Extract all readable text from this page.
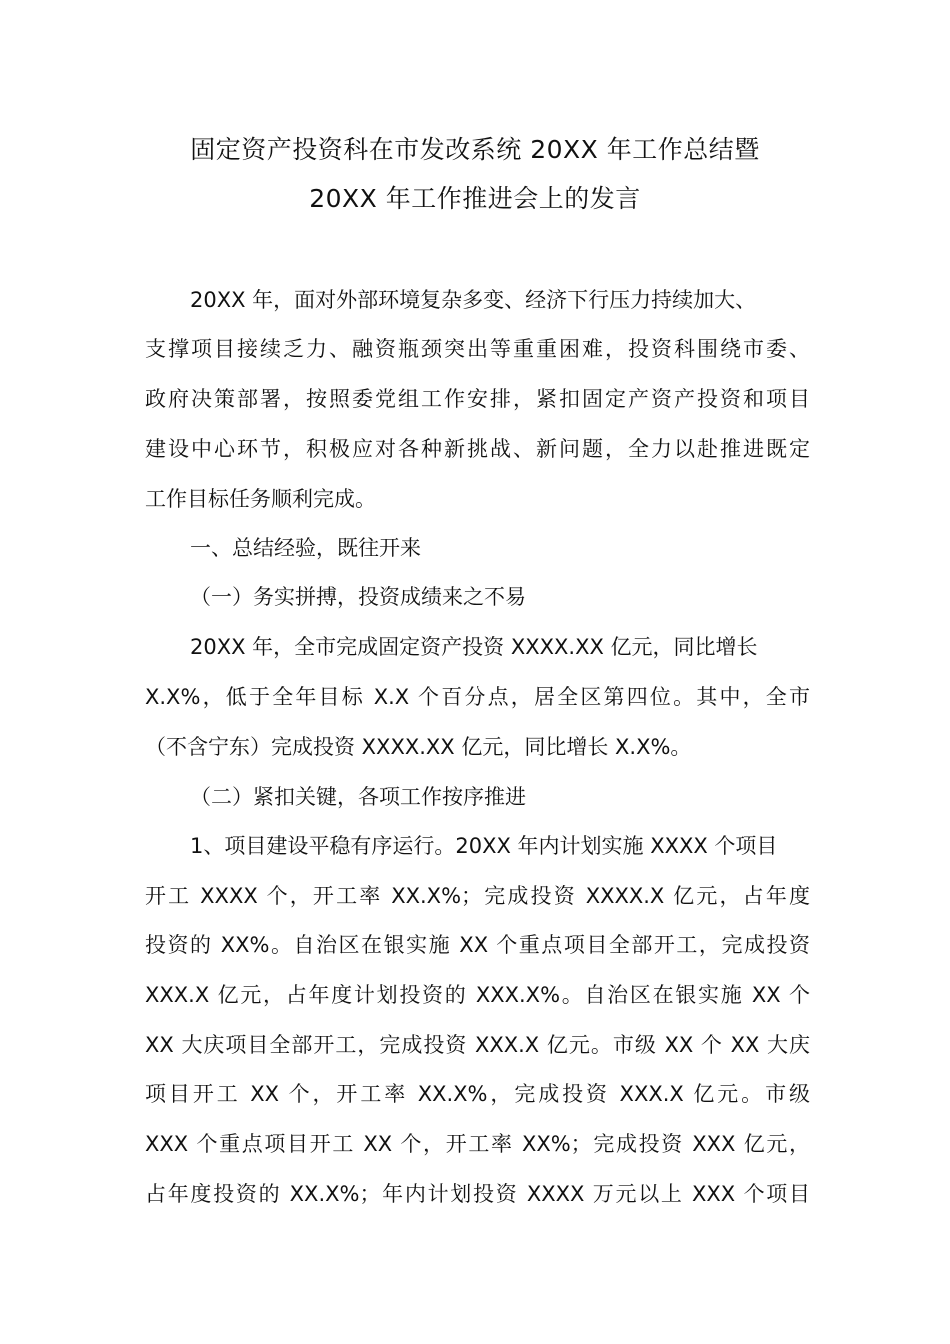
固定资产投资科在市发改系统 20XX 年工作总结暨
20XX 年工作推进会上的发言
20XX 年，面对外部环境复杂多变、经济下行压力持续加大、
支撑项目接续乏力、融资瓶颈突出等重重困难，投资科围绕市委、
政府决策部署，按照委党组工作安排，紧扣固定产资产投资和项目
建设中心环节，积极应对各种新挑战、新问题，全力以赴推进既定
工作目标任务顺利完成。
一、总结经验，既往开来
（一）务实拼搏，投资成绩来之不易
20XX 年，全市完成固定资产投资 XXXX.XX 亿元，同比增长
X.X%，低于全年目标 X.X 个百分点，居全区第四位。其中，全市
（不含宁东）完成投资 XXXX.XX 亿元，同比增长 X.X%。
（二）紧扣关键，各项工作按序推进
1、项目建设平稳有序运行。20XX 年内计划实施 XXXX 个项目
开工 XXXX 个，开工率 XX.X%；完成投资 XXXX.X 亿元，占年度
投资的 XX%。自治区在银实施 XX 个重点项目全部开工，完成投资
XXX.X 亿元，占年度计划投资的 XXX.X%。自治区在银实施 XX 个
XX 大庆项目全部开工，完成投资 XXX.X 亿元。市级 XX 个 XX 大庆
项目开工 XX 个，开工率 XX.X%，完成投资 XXX.X 亿元。市级
XXX 个重点项目开工 XX 个，开工率 XX%；完成投资 XXX 亿元，
占年度投资的 XX.X%；年内计划投资 XXXX 万元以上 XXX 个项目
